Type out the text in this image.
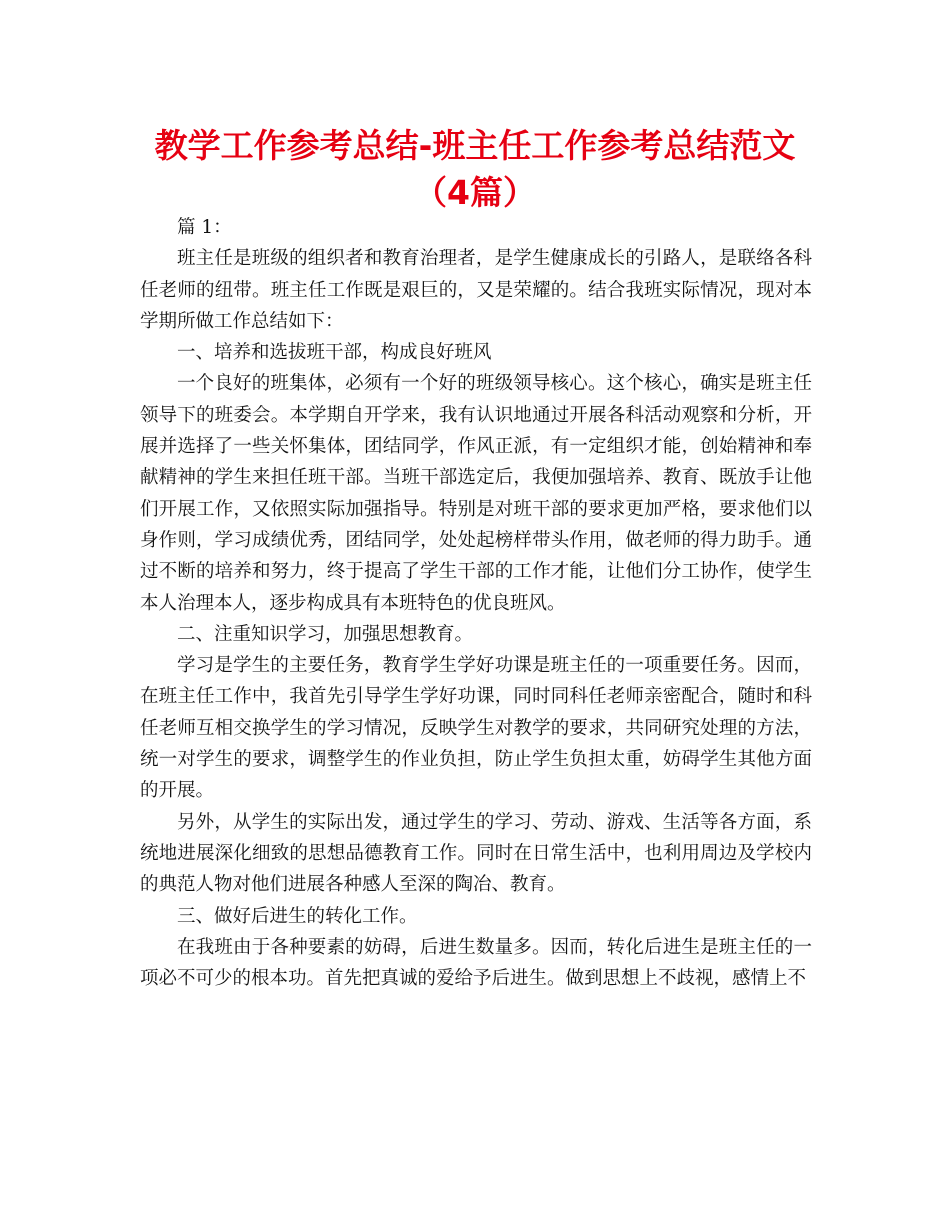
教学工作参考总结-班主任工作参考总结范文（4篇）

篇 1：

班主任是班级的组织者和教育治理者，是学生健康成长的引路人，是联络各科任老师的纽带。班主任工作既是艰巨的，又是荣耀的。结合我班实际情况，现对本学期所做工作总结如下：

一、培养和选拔班干部，构成良好班风

一个良好的班集体，必须有一个好的班级领导核心。这个核心，确实是班主任领导下的班委会。本学期自开学来，我有认识地通过开展各科活动观察和分析，开展并选择了一些关怀集体，团结同学，作风正派，有一定组织才能，创始精神和奉献精神的学生来担任班干部。当班干部选定后，我便加强培养、教育、既放手让他们开展工作，又依照实际加强指导。特别是对班干部的要求更加严格，要求他们以身作则，学习成绩优秀，团结同学，处处起榜样带头作用，做老师的得力助手。通过不断的培养和努力，终于提高了学生干部的工作才能，让他们分工协作，使学生本人治理本人，逐步构成具有本班特色的优良班风。

二、注重知识学习，加强思想教育。

学习是学生的主要任务，教育学生学好功课是班主任的一项重要任务。因而，在班主任工作中，我首先引导学生学好功课，同时同科任老师亲密配合，随时和科任老师互相交换学生的学习情况，反映学生对教学的要求，共同研究处理的方法，统一对学生的要求，调整学生的作业负担，防止学生负担太重，妨碍学生其他方面的开展。

另外，从学生的实际出发，通过学生的学习、劳动、游戏、生活等各方面，系统地进展深化细致的思想品德教育工作。同时在日常生活中，也利用周边及学校内的典范人物对他们进展各种感人至深的陶冶、教育。

三、做好后进生的转化工作。

在我班由于各种要素的妨碍，后进生数量多。因而，转化后进生是班主任的一项必不可少的根本功。首先把真诚的爱给予后进生。做到思想上不歧视，感情上不
